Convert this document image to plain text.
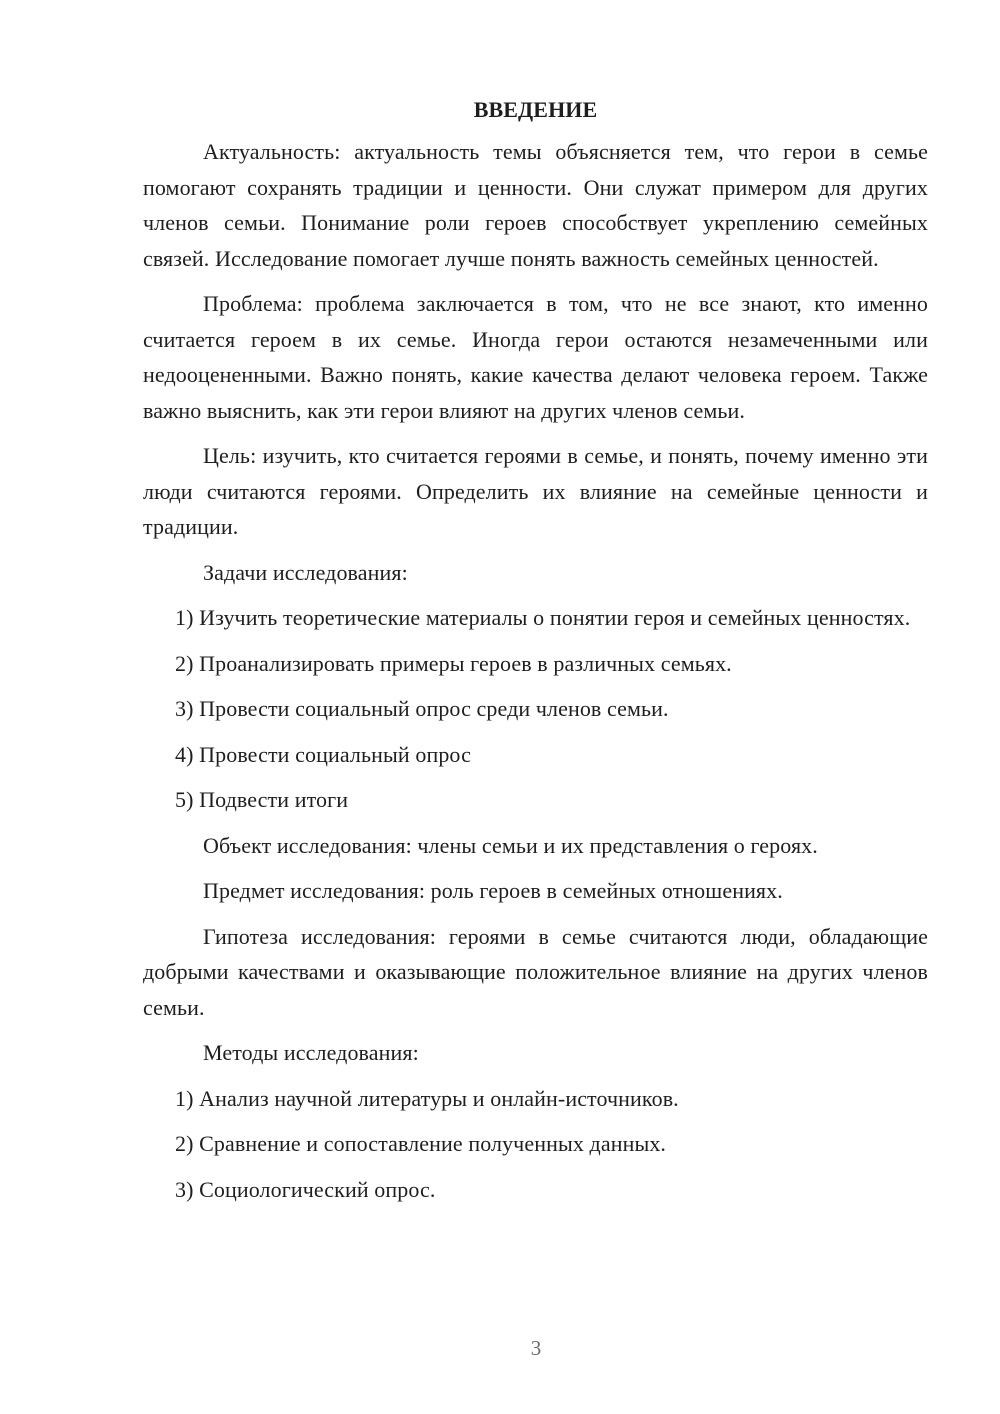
ВВЕДЕНИЕ

Актуальность: актуальность темы объясняется тем, что герои в семье помогают сохранять традиции и ценности. Они служат примером для других членов семьи. Понимание роли героев способствует укреплению семейных связей. Исследование помогает лучше понять важность семейных ценностей.

Проблема: проблема заключается в том, что не все знают, кто именно считается героем в их семье. Иногда герои остаются незамеченными или недооцененными. Важно понять, какие качества делают человека героем. Также важно выяснить, как эти герои влияют на других членов семьи.

Цель: изучить, кто считается героями в семье, и понять, почему именно эти люди считаются героями. Определить их влияние на семейные ценности и традиции.

Задачи исследования:

1) Изучить теоретические материалы о понятии героя и семейных ценностях.

2) Проанализировать примеры героев в различных семьях.

3) Провести социальный опрос среди членов семьи.

4) Провести социальный опрос

5) Подвести итоги

Объект исследования: члены семьи и их представления о героях.

Предмет исследования: роль героев в семейных отношениях.

Гипотеза исследования: героями в семье считаются люди, обладающие добрыми качествами и оказывающие положительное влияние на других членов семьи.

Методы исследования:

1) Анализ научной литературы и онлайн-источников.

2) Сравнение и сопоставление полученных данных.

3) Социологический опрос.

3
